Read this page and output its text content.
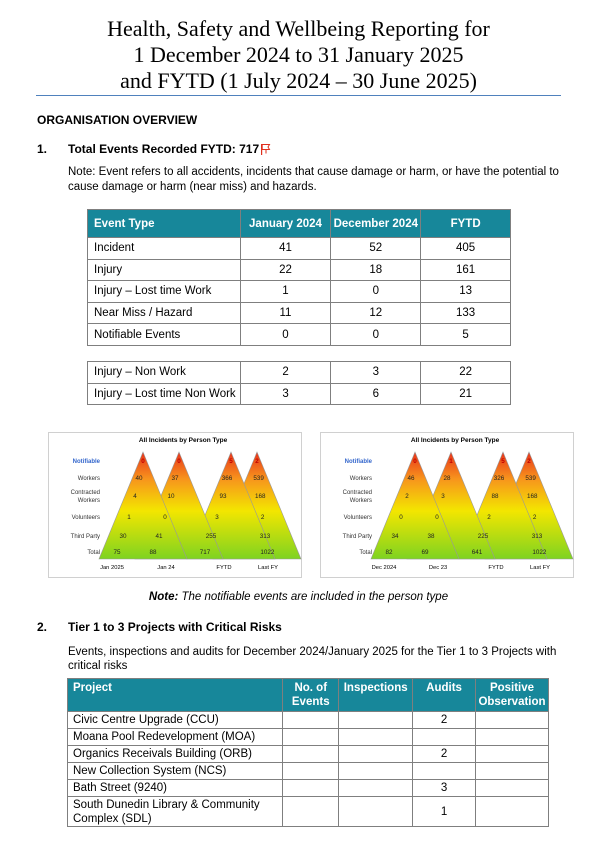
Health, Safety and Wellbeing Reporting for
1 December 2024 to 31 January 2025
and FYTD (1 July 2024 – 30 June 2025)
ORGANISATION OVERVIEW
1. Total Events Recorded FYTD: 717
Note: Event refers to all accidents, incidents that cause damage or harm, or have the potential to cause damage or harm (near miss) and hazards.
Event Type	January 2024	December 2024	FYTD
Incident	41	52	405
Injury	22	18	161
Injury – Lost time Work	1	0	13
Near Miss / Hazard	11	12	133
Notifiable Events	0	0	5
Injury – Non Work	2	3	22
Injury – Lost time Non Work	3	6	21
All Incidents by Person Type
Notifiable
Workers
Contracted
Workers
Volunteers
Third Party
Total
0
40
4
1
30
75
0
37
10
0
41
88
5
366
93
3
255
717
2
539
168
2
313
1022
Jan 2025	Jan 24	FYTD	Last FY
All Incidents by Person Type
Notifiable
Workers
Contracted
Workers
Volunteers
Third Party
Total
0
46
2
0
34
82
1
28
3
0
38
69
5
326
88
2
225
641
2
539
168
2
313
1022
Dec 2024	Dec 23	FYTD	Last FY
Note: The notifiable events are included in the person type
2. Tier 1 to 3 Projects with Critical Risks
Events, inspections and audits for December 2024/January 2025 for the Tier 1 to 3 Projects with critical risks
Project	No. of Events	Inspections	Audits	Positive Observation
Civic Centre Upgrade (CCU)			2	
Moana Pool Redevelopment (MOA)				
Organics Receivals Building (ORB)			2	
New Collection System (NCS)				
Bath Street (9240)			3	
South Dunedin Library & Community Complex (SDL)			1	
